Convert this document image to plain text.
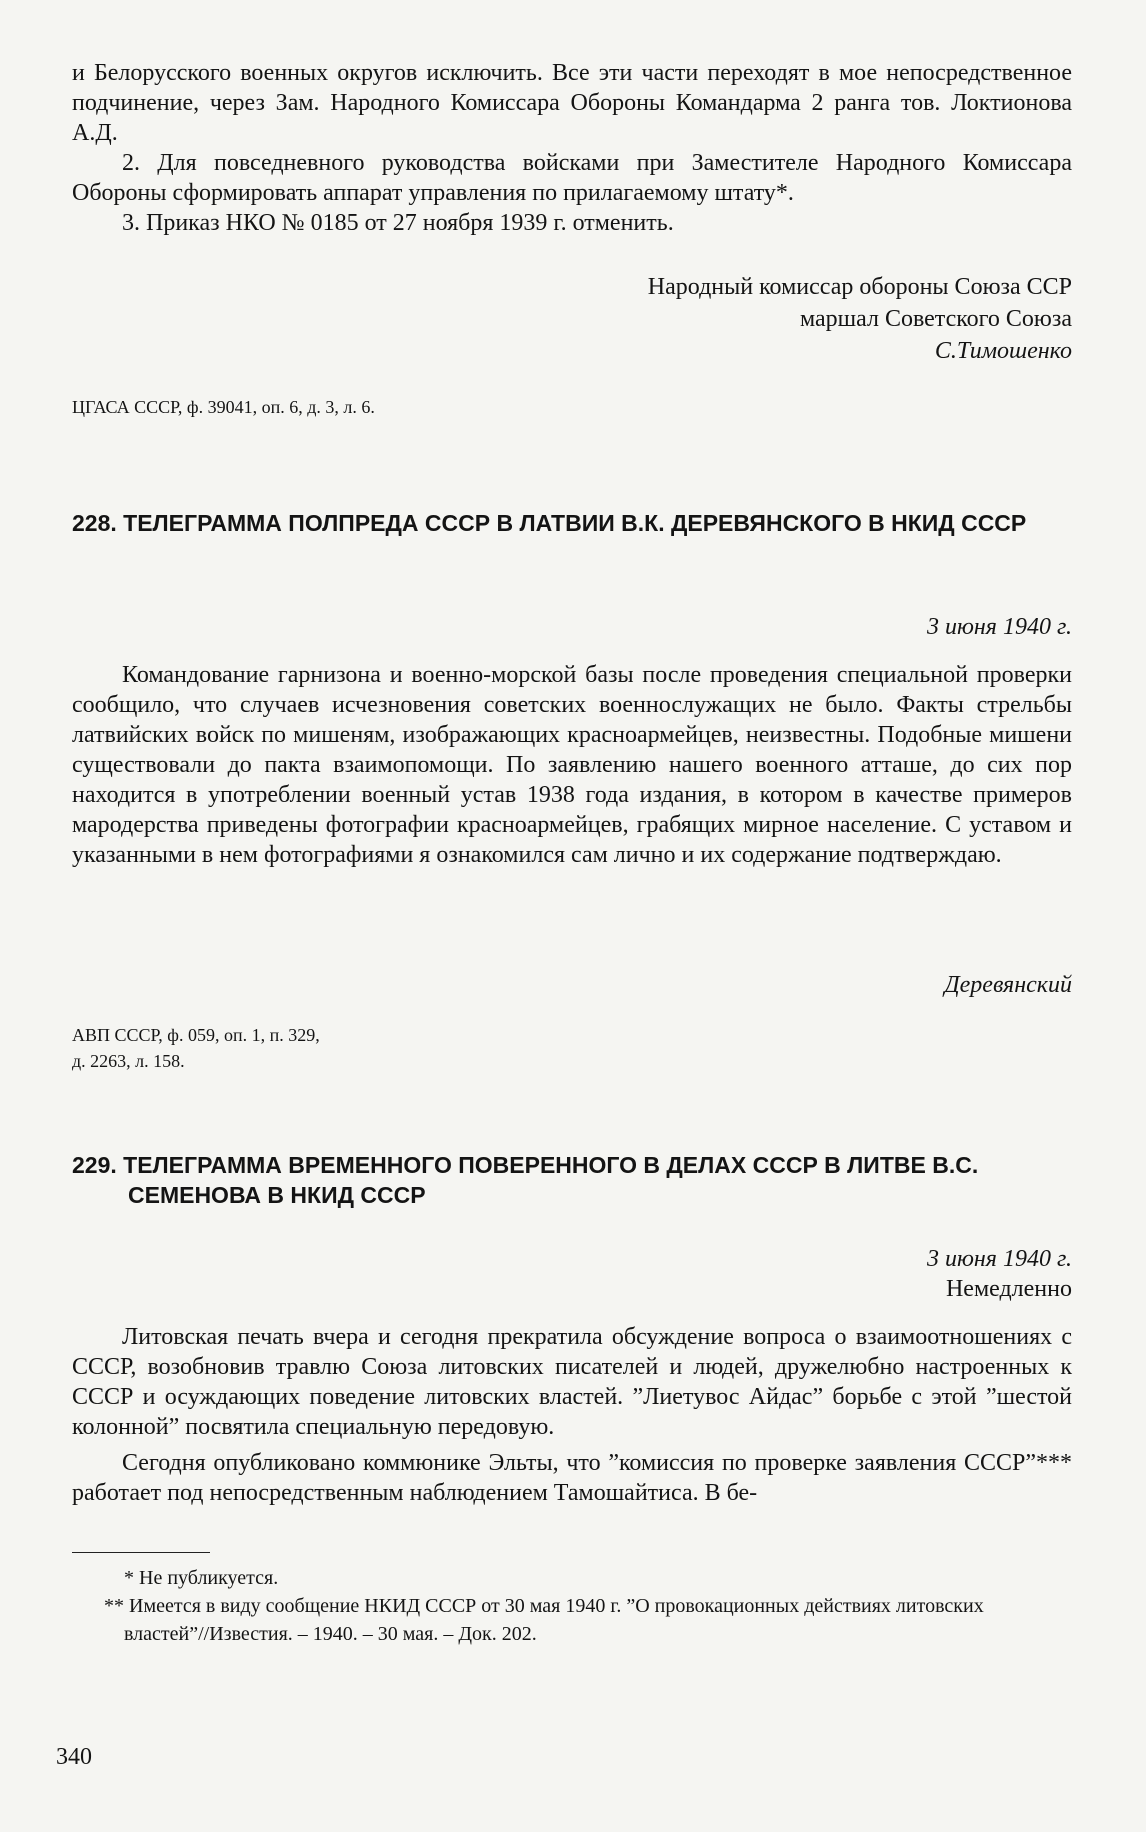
и Белорусского военных округов исключить. Все эти части переходят в мое непосредственное подчинение, через Зам. Народного Комиссара Обороны Командарма 2 ранга тов. Локтионова А.Д.

2. Для повседневного руководства войсками при Заместителе Народного Комиссара Обороны сформировать аппарат управления по прилагаемому штату*.

3. Приказ НКО № 0185 от 27 ноября 1939 г. отменить.

Народный комиссар обороны Союза ССР

маршал Советского Союза

С.Тимошенко

ЦГАСА СССР, ф. 39041, оп. 6, д. 3, л. 6.

228. ТЕЛЕГРАММА ПОЛПРЕДА СССР В ЛАТВИИ В.К. ДЕРЕВЯНСКОГО В НКИД СССР

3 июня 1940 г.

Командование гарнизона и военно-морской базы после проведения специальной проверки сообщило, что случаев исчезновения советских военнослужащих не было. Факты стрельбы латвийских войск по мишеням, изображающих красноармейцев, неизвестны. Подобные мишени существовали до пакта взаимопомощи. По заявлению нашего военного атташе, до сих пор находится в употреблении военный устав 1938 года издания, в котором в качестве примеров мародерства приведены фотографии красноармейцев, грабящих мирное население. С уставом и указанными в нем фотографиями я ознакомился сам лично и их содержание подтверждаю.

Деревянский

АВП СССР, ф. 059, оп. 1, п. 329,

д. 2263, л. 158.

229. ТЕЛЕГРАММА ВРЕМЕННОГО ПОВЕРЕННОГО В ДЕЛАХ СССР В ЛИТВЕ В.С. СЕМЕНОВА В НКИД СССР

3 июня 1940 г.

Немедленно

Литовская печать вчера и сегодня прекратила обсуждение вопроса о взаимоотношениях с СССР, возобновив травлю Союза литовских писателей и людей, дружелюбно настроенных к СССР и осуждающих поведение литовских властей. ”Лиетувос Айдас” борьбе с этой ”шестой колонной” посвятила специальную передовую.

Сегодня опубликовано коммюнике Эльты, что ”комиссия по проверке заявления СССР”*** работает под непосредственным наблюдением Тамошайтиса. В бе-

* Не публикуется.

** Имеется в виду сообщение НКИД СССР от 30 мая 1940 г. ”О провокационных действиях литовских властей”//Известия. – 1940. – 30 мая. – Док. 202.

340
